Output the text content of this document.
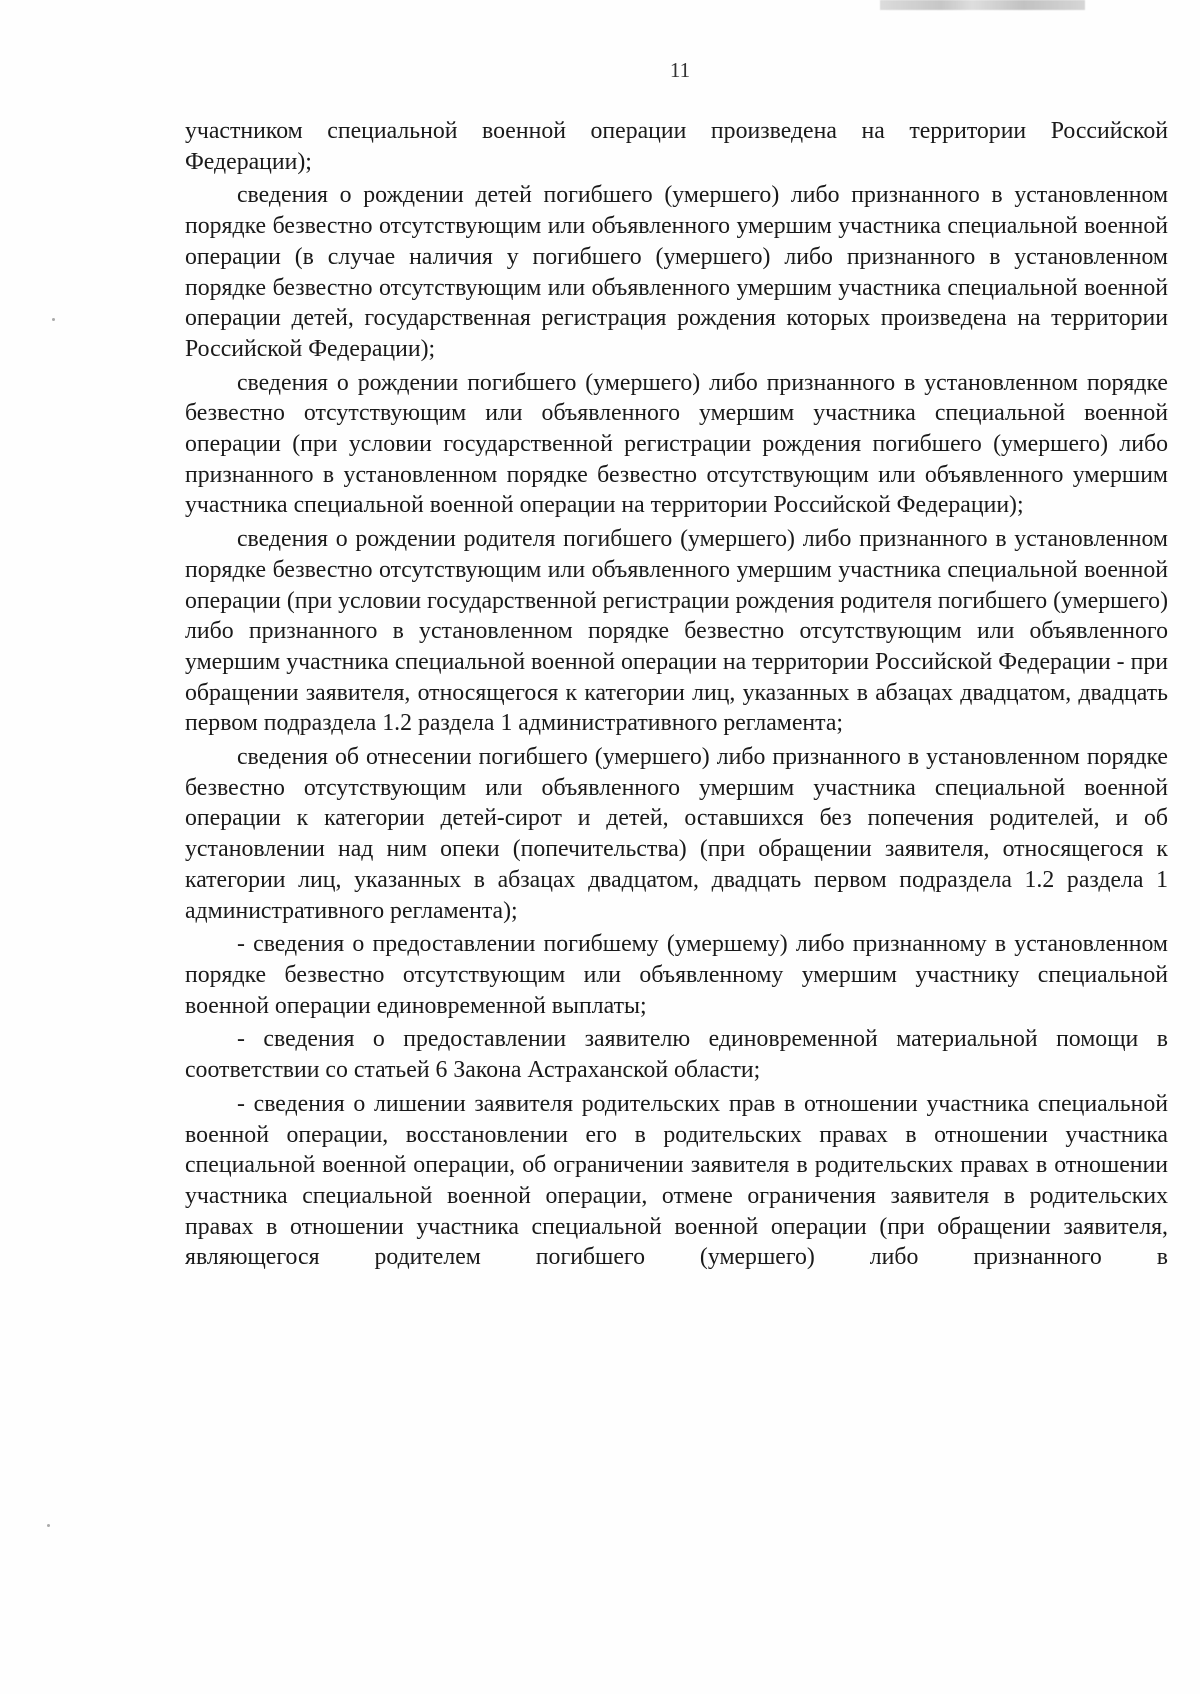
11

участником специальной военной операции произведена на территории Российской Федерации);

сведения о рождении детей погибшего (умершего) либо признанного в установленном порядке безвестно отсутствующим или объявленного умершим участника специальной военной операции (в случае наличия у погибшего (умершего) либо признанного в установленном порядке безвестно отсутствующим или объявленного умершим участника специальной военной операции детей, государственная регистрация рождения которых произведена на территории Российской Федерации);

сведения о рождении погибшего (умершего) либо признанного в установленном порядке безвестно отсутствующим или объявленного умершим участника специальной военной операции (при условии государственной регистрации рождения погибшего (умершего) либо признанного в установленном порядке безвестно отсутствующим или объявленного умершим участника специальной военной операции на территории Российской Федерации);

сведения о рождении родителя погибшего (умершего) либо признанного в установленном порядке безвестно отсутствующим или объявленного умершим участника специальной военной операции (при условии государственной регистрации рождения родителя погибшего (умершего) либо признанного в установленном порядке безвестно отсутствующим или объявленного умершим участника специальной военной операции на территории Российской Федерации - при обращении заявителя, относящегося к категории лиц, указанных в абзацах двадцатом, двадцать первом подраздела 1.2 раздела 1 административного регламента;

сведения об отнесении погибшего (умершего) либо признанного в установленном порядке безвестно отсутствующим или объявленного умершим участника специальной военной операции к категории детей-сирот и детей, оставшихся без попечения родителей, и об установлении над ним опеки (попечительства) (при обращении заявителя, относящегося к категории лиц, указанных в абзацах двадцатом, двадцать первом подраздела 1.2 раздела 1 административного регламента);

- сведения о предоставлении погибшему (умершему) либо признанному в установленном порядке безвестно отсутствующим или объявленному умершим участнику специальной военной операции единовременной выплаты;

- сведения о предоставлении заявителю единовременной материальной помощи в соответствии со статьей 6 Закона Астраханской области;

- сведения о лишении заявителя родительских прав в отношении участника специальной военной операции, восстановлении его в родительских правах в отношении участника специальной военной операции, об ограничении заявителя в родительских правах в отношении участника специальной военной операции, отмене ограничения заявителя в родительских правах в отношении участника специальной военной операции (при обращении заявителя, являющегося родителем погибшего (умершего) либо признанного в
